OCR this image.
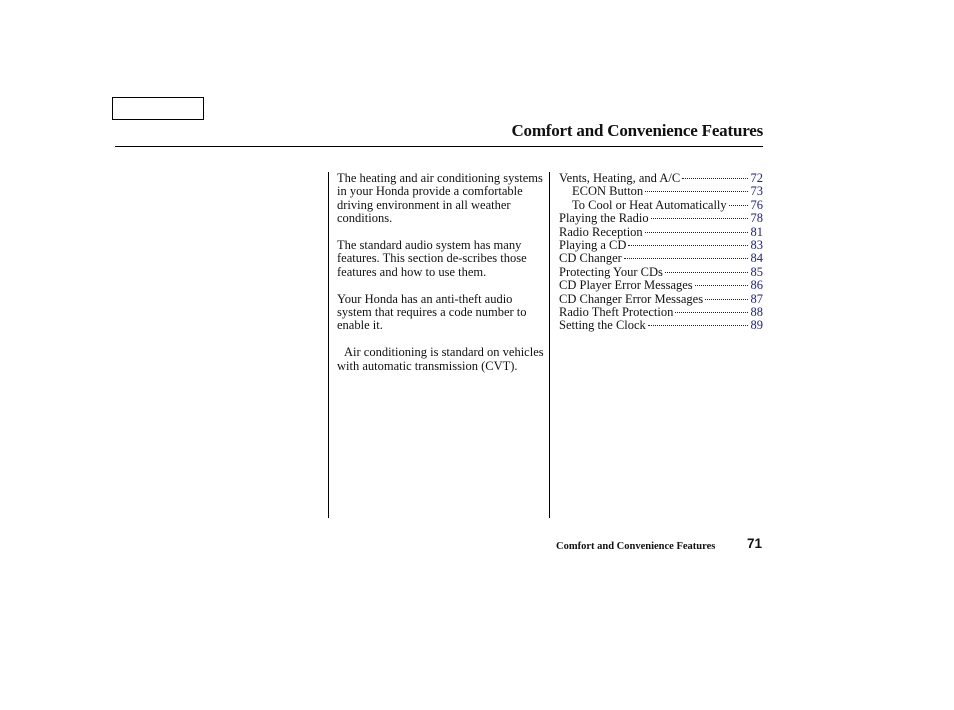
Comfort and Convenience Features

The heating and air conditioning systems in your Honda provide a comfortable driving environment in all weather conditions.

The standard audio system has many features. This section de-scribes those features and how to use them.

Your Honda has an anti-theft audio system that requires a code number to enable it.

Air conditioning is standard on vehicles with automatic transmission (CVT).

Vents, Heating, and A/C	72
ECON Button	73
To Cool or Heat Automatically 76
Playing the Radio	78
Radio Reception	81
Playing a CD	83
CD Changer	84
Protecting Your CDs	85
CD Player Error Messages	86
CD Changer Error Messages	87
Radio Theft Protection	88
Setting the Clock	89
Comfort and Convenience Features 71
